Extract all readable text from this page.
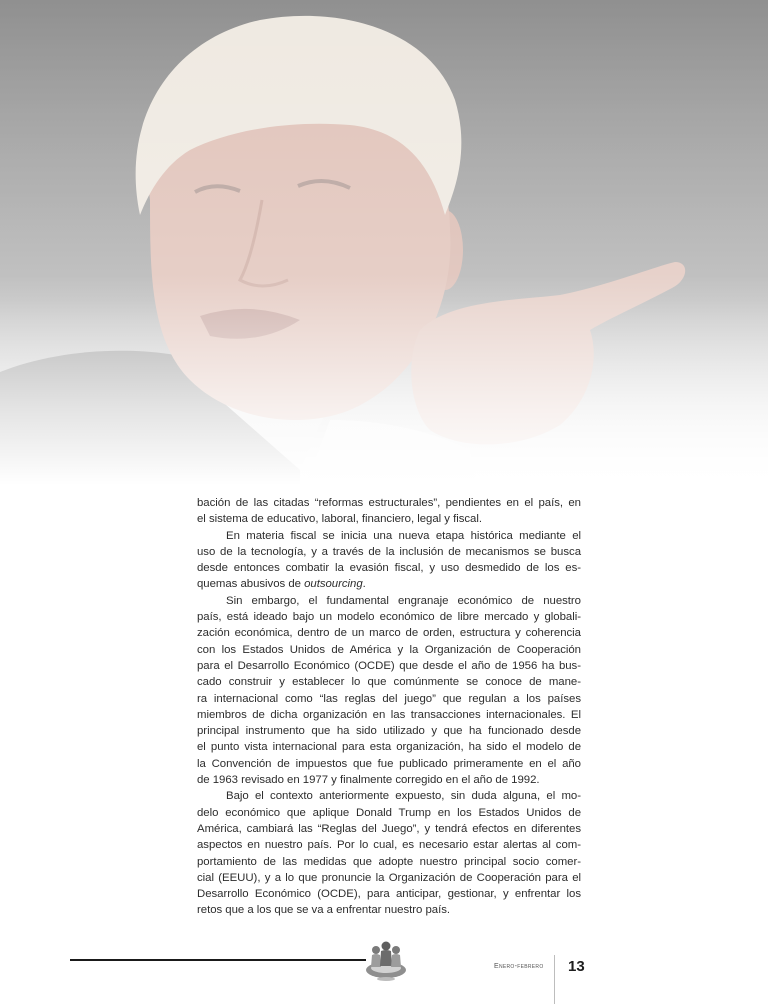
bación de las citadas “reformas estructurales”, pendientes en el país, en
el sistema de educativo, laboral, financiero, legal y fiscal.
En materia fiscal se inicia una nueva etapa histórica mediante el
uso de la tecnología, y a través de la inclusión de mecanismos se busca
desde entonces combatir la evasión fiscal, y uso desmedido de los es-
quemas abusivos de outsourcing.
Sin embargo, el fundamental engranaje económico de nuestro
país, está ideado bajo un modelo económico de libre mercado y globali-
zación económica, dentro de un marco de orden, estructura y coherencia
con los Estados Unidos de América y la Organización de Cooperación
para el Desarrollo Económico (OCDE) que desde el año de 1956 ha bus-
cado construir y establecer lo que comúnmente se conoce de mane-
ra internacional como “las reglas del juego” que regulan a los países
miembros de dicha organización en las transacciones internacionales. El
principal instrumento que ha sido utilizado y que ha funcionado desde
el punto vista internacional para esta organización, ha sido el modelo de
la Convención de impuestos que fue publicado primeramente en el año
de 1963 revisado en 1977 y finalmente corregido en el año de 1992.
Bajo el contexto anteriormente expuesto, sin duda alguna, el mo-
delo económico que aplique Donald Trump en los Estados Unidos de
América, cambiará las “Reglas del Juego”, y tendrá efectos en diferentes
aspectos en nuestro país. Por lo cual, es necesario estar alertas al com-
portamiento de las medidas que adopte nuestro principal socio comer-
cial (EEUU), y a lo que pronuncie la Organización de Cooperación para el
Desarrollo Económico (OCDE), para anticipar, gestionar, y enfrentar los
retos que a los que se va a enfrentar nuestro país.
Enero-febrero 13
